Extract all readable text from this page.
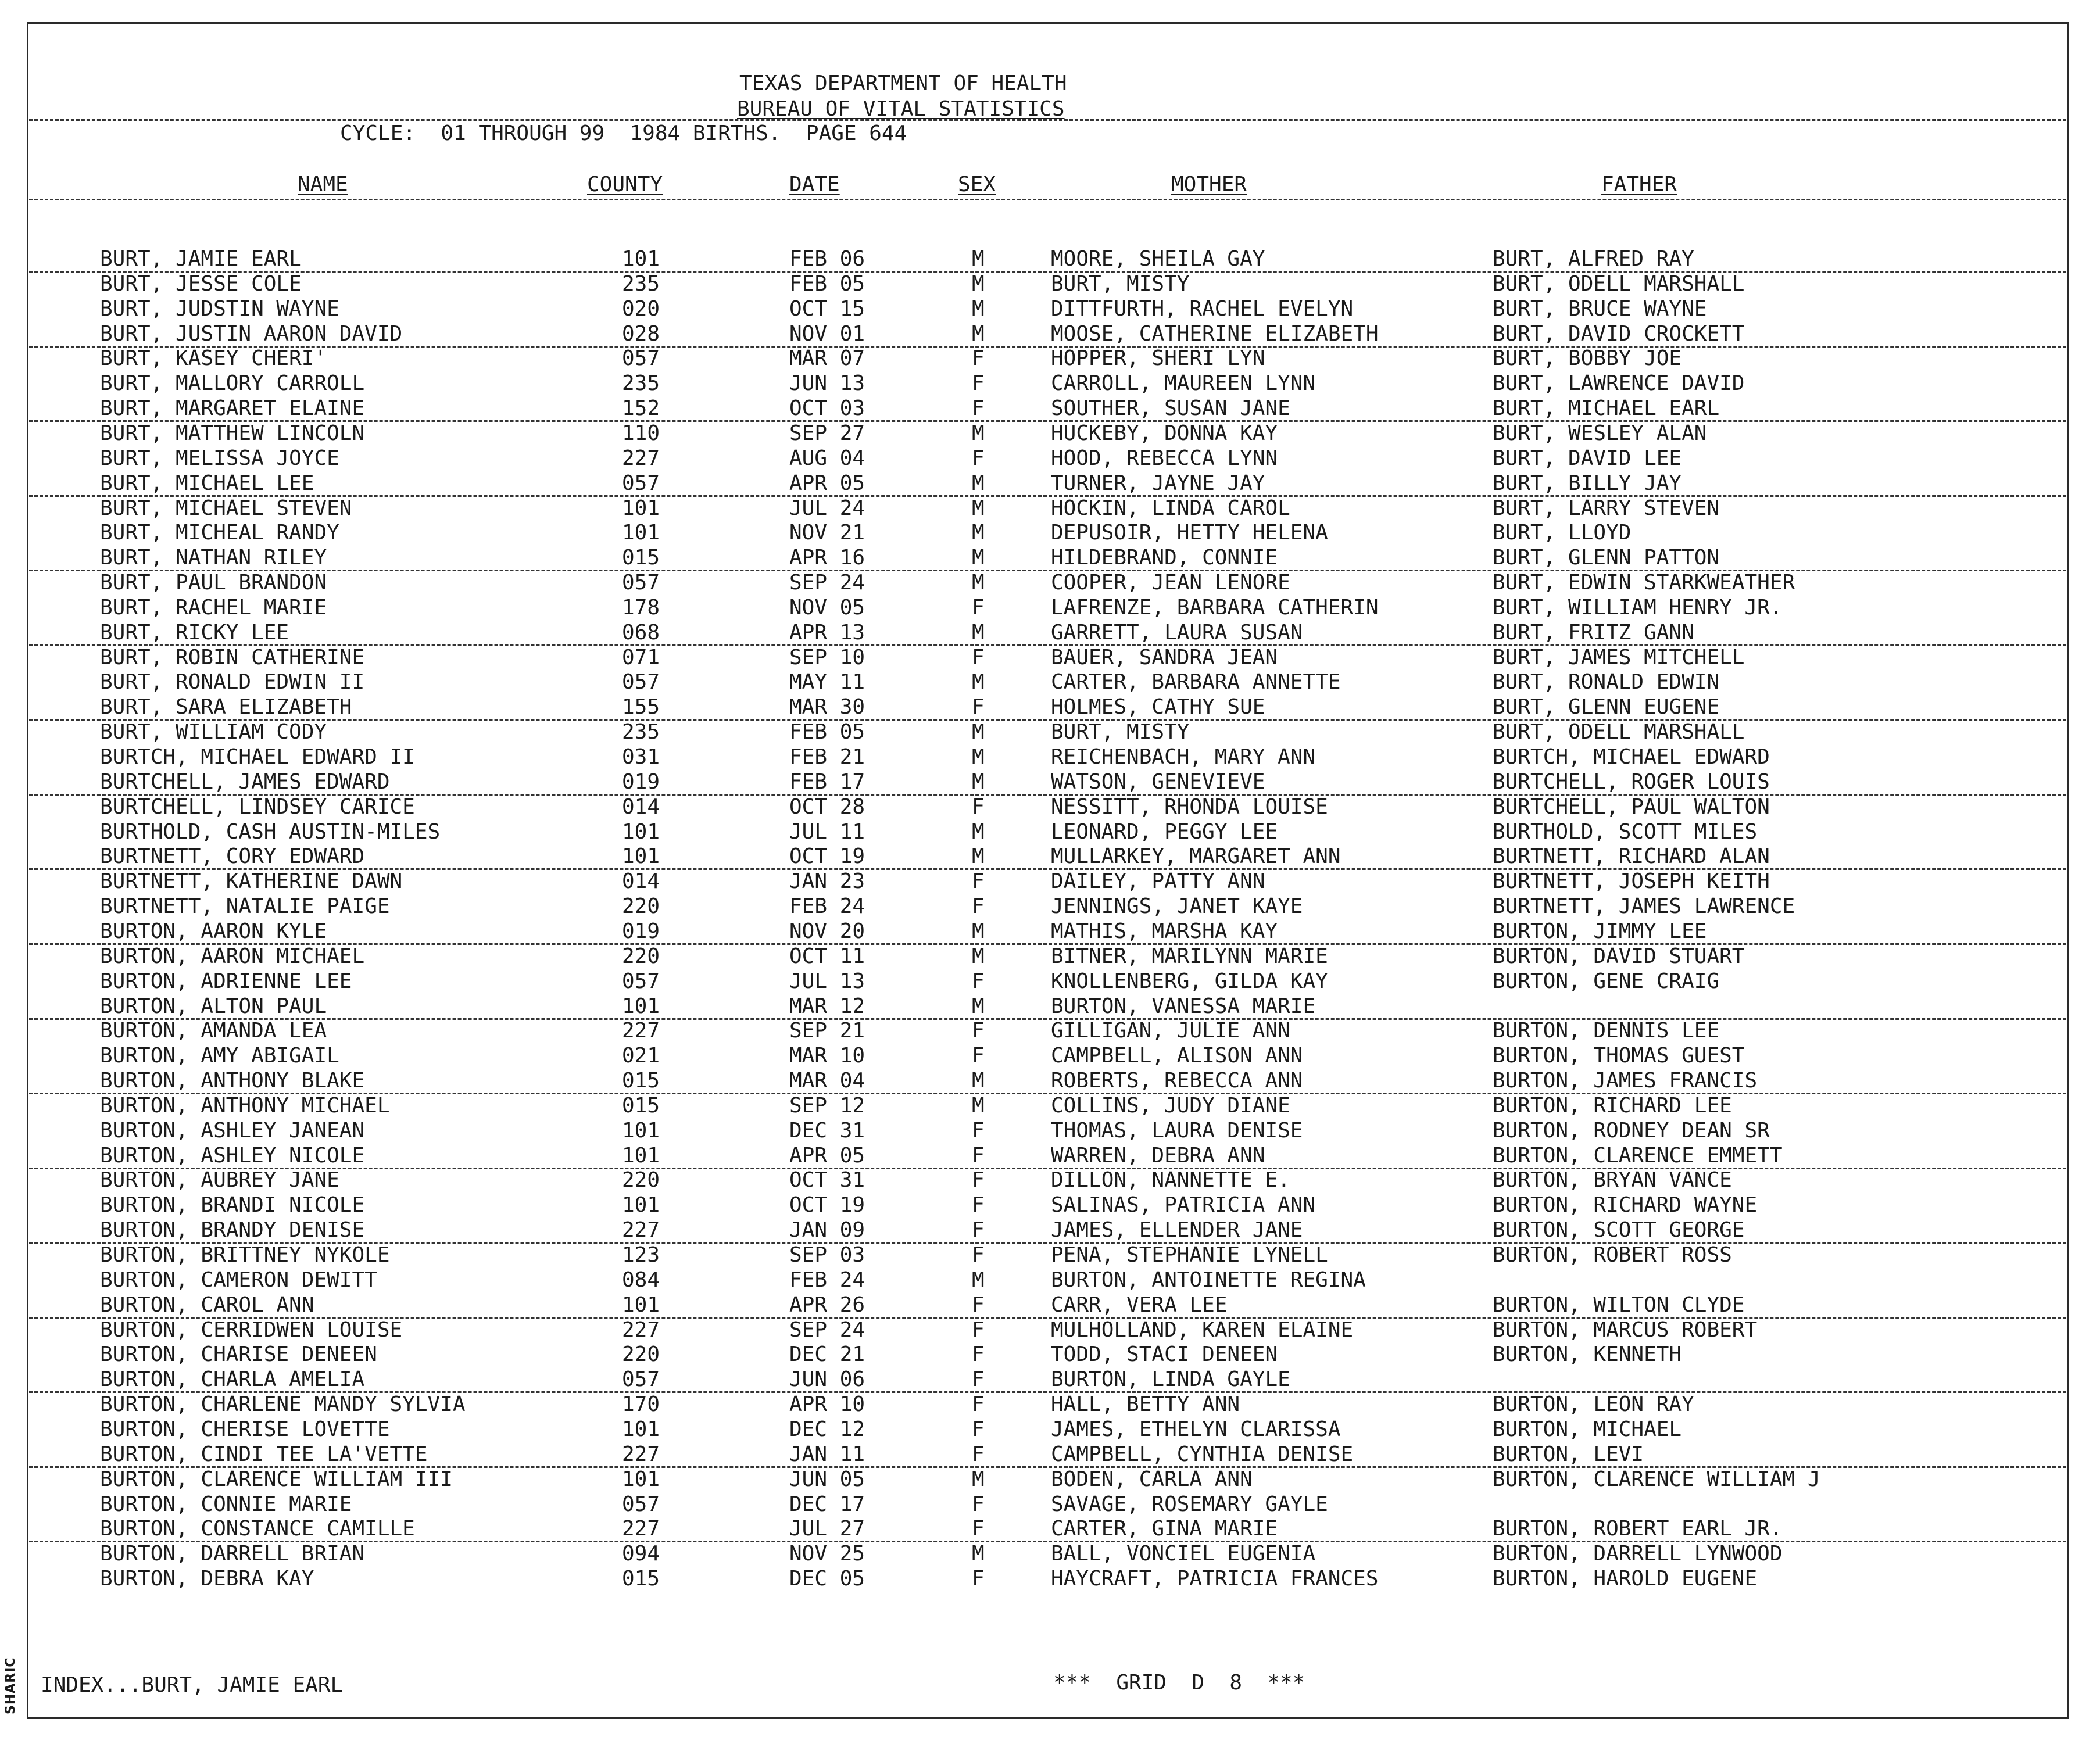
TEXAS DEPARTMENT OF HEALTH
BUREAU OF VITAL STATISTICS
CYCLE:  01 THROUGH 99  1984 BIRTHS.  PAGE 644
NAME	COUNTY	DATE	SEX	MOTHER	FATHER
BURT, JAMIE EARL	101	FEB 06	M	MOORE, SHEILA GAY	BURT, ALFRED RAY
BURT, JESSE COLE	235	FEB 05	M	BURT, MISTY	BURT, ODELL MARSHALL
BURT, JUDSTIN WAYNE	020	OCT 15	M	DITTFURTH, RACHEL EVELYN	BURT, BRUCE WAYNE
BURT, JUSTIN AARON DAVID	028	NOV 01	M	MOOSE, CATHERINE ELIZABETH	BURT, DAVID CROCKETT
BURT, KASEY CHERI'	057	MAR 07	F	HOPPER, SHERI LYN	BURT, BOBBY JOE
BURT, MALLORY CARROLL	235	JUN 13	F	CARROLL, MAUREEN LYNN	BURT, LAWRENCE DAVID
BURT, MARGARET ELAINE	152	OCT 03	F	SOUTHER, SUSAN JANE	BURT, MICHAEL EARL
BURT, MATTHEW LINCOLN	110	SEP 27	M	HUCKEBY, DONNA KAY	BURT, WESLEY ALAN
BURT, MELISSA JOYCE	227	AUG 04	F	HOOD, REBECCA LYNN	BURT, DAVID LEE
BURT, MICHAEL LEE	057	APR 05	M	TURNER, JAYNE JAY	BURT, BILLY JAY
BURT, MICHAEL STEVEN	101	JUL 24	M	HOCKIN, LINDA CAROL	BURT, LARRY STEVEN
BURT, MICHEAL RANDY	101	NOV 21	M	DEPUSOIR, HETTY HELENA	BURT, LLOYD
BURT, NATHAN RILEY	015	APR 16	M	HILDEBRAND, CONNIE	BURT, GLENN PATTON
BURT, PAUL BRANDON	057	SEP 24	M	COOPER, JEAN LENORE	BURT, EDWIN STARKWEATHER
BURT, RACHEL MARIE	178	NOV 05	F	LAFRENZE, BARBARA CATHERIN	BURT, WILLIAM HENRY JR.
BURT, RICKY LEE	068	APR 13	M	GARRETT, LAURA SUSAN	BURT, FRITZ GANN
BURT, ROBIN CATHERINE	071	SEP 10	F	BAUER, SANDRA JEAN	BURT, JAMES MITCHELL
BURT, RONALD EDWIN II	057	MAY 11	M	CARTER, BARBARA ANNETTE	BURT, RONALD EDWIN
BURT, SARA ELIZABETH	155	MAR 30	F	HOLMES, CATHY SUE	BURT, GLENN EUGENE
BURT, WILLIAM CODY	235	FEB 05	M	BURT, MISTY	BURT, ODELL MARSHALL
BURTCH, MICHAEL EDWARD II	031	FEB 21	M	REICHENBACH, MARY ANN	BURTCH, MICHAEL EDWARD
BURTCHELL, JAMES EDWARD	019	FEB 17	M	WATSON, GENEVIEVE	BURTCHELL, ROGER LOUIS
BURTCHELL, LINDSEY CARICE	014	OCT 28	F	NESSITT, RHONDA LOUISE	BURTCHELL, PAUL WALTON
BURTHOLD, CASH AUSTIN-MILES	101	JUL 11	M	LEONARD, PEGGY LEE	BURTHOLD, SCOTT MILES
BURTNETT, CORY EDWARD	101	OCT 19	M	MULLARKEY, MARGARET ANN	BURTNETT, RICHARD ALAN
BURTNETT, KATHERINE DAWN	014	JAN 23	F	DAILEY, PATTY ANN	BURTNETT, JOSEPH KEITH
BURTNETT, NATALIE PAIGE	220	FEB 24	F	JENNINGS, JANET KAYE	BURTNETT, JAMES LAWRENCE
BURTON, AARON KYLE	019	NOV 20	M	MATHIS, MARSHA KAY	BURTON, JIMMY LEE
BURTON, AARON MICHAEL	220	OCT 11	M	BITNER, MARILYNN MARIE	BURTON, DAVID STUART
BURTON, ADRIENNE LEE	057	JUL 13	F	KNOLLENBERG, GILDA KAY	BURTON, GENE CRAIG
BURTON, ALTON PAUL	101	MAR 12	M	BURTON, VANESSA MARIE
BURTON, AMANDA LEA	227	SEP 21	F	GILLIGAN, JULIE ANN	BURTON, DENNIS LEE
BURTON, AMY ABIGAIL	021	MAR 10	F	CAMPBELL, ALISON ANN	BURTON, THOMAS GUEST
BURTON, ANTHONY BLAKE	015	MAR 04	M	ROBERTS, REBECCA ANN	BURTON, JAMES FRANCIS
BURTON, ANTHONY MICHAEL	015	SEP 12	M	COLLINS, JUDY DIANE	BURTON, RICHARD LEE
BURTON, ASHLEY JANEAN	101	DEC 31	F	THOMAS, LAURA DENISE	BURTON, RODNEY DEAN SR
BURTON, ASHLEY NICOLE	101	APR 05	F	WARREN, DEBRA ANN	BURTON, CLARENCE EMMETT
BURTON, AUBREY JANE	220	OCT 31	F	DILLON, NANNETTE E.	BURTON, BRYAN VANCE
BURTON, BRANDI NICOLE	101	OCT 19	F	SALINAS, PATRICIA ANN	BURTON, RICHARD WAYNE
BURTON, BRANDY DENISE	227	JAN 09	F	JAMES, ELLENDER JANE	BURTON, SCOTT GEORGE
BURTON, BRITTNEY NYKOLE	123	SEP 03	F	PENA, STEPHANIE LYNELL	BURTON, ROBERT ROSS
BURTON, CAMERON DEWITT	084	FEB 24	M	BURTON, ANTOINETTE REGINA
BURTON, CAROL ANN	101	APR 26	F	CARR, VERA LEE	BURTON, WILTON CLYDE
BURTON, CERRIDWEN LOUISE	227	SEP 24	F	MULHOLLAND, KAREN ELAINE	BURTON, MARCUS ROBERT
BURTON, CHARISE DENEEN	220	DEC 21	F	TODD, STACI DENEEN	BURTON, KENNETH
BURTON, CHARLA AMELIA	057	JUN 06	F	BURTON, LINDA GAYLE
BURTON, CHARLENE MANDY SYLVIA	170	APR 10	F	HALL, BETTY ANN	BURTON, LEON RAY
BURTON, CHERISE LOVETTE	101	DEC 12	F	JAMES, ETHELYN CLARISSA	BURTON, MICHAEL
BURTON, CINDI TEE LA'VETTE	227	JAN 11	F	CAMPBELL, CYNTHIA DENISE	BURTON, LEVI
BURTON, CLARENCE WILLIAM III	101	JUN 05	M	BODEN, CARLA ANN	BURTON, CLARENCE WILLIAM J
BURTON, CONNIE MARIE	057	DEC 17	F	SAVAGE, ROSEMARY GAYLE
BURTON, CONSTANCE CAMILLE	227	JUL 27	F	CARTER, GINA MARIE	BURTON, ROBERT EARL JR.
BURTON, DARRELL BRIAN	094	NOV 25	M	BALL, VONCIEL EUGENIA	BURTON, DARRELL LYNWOOD
BURTON, DEBRA KAY	015	DEC 05	F	HAYCRAFT, PATRICIA FRANCES	BURTON, HAROLD EUGENE
INDEX...BURT, JAMIE EARL	***  GRID  D  8  ***
SHARIC
